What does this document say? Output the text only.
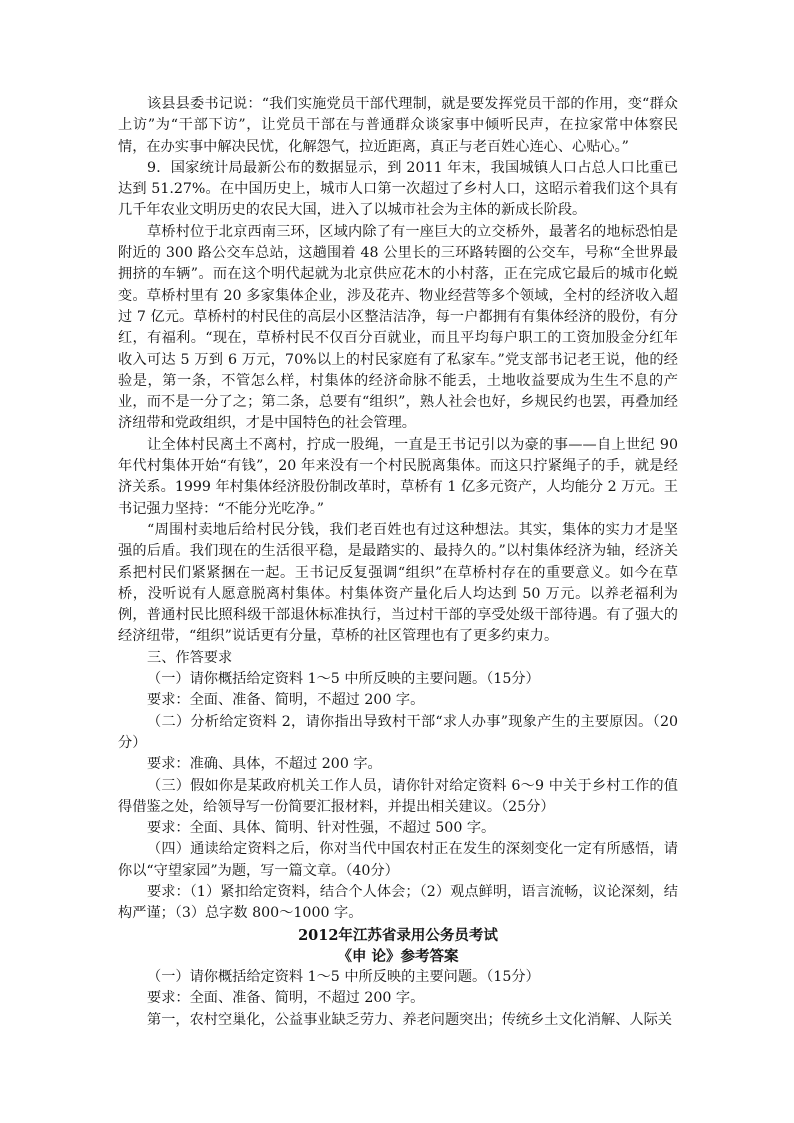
该县县委书记说：“我们实施党员干部代理制，就是要发挥党员干部的作用，变“群众上访”为“干部下访”，让党员干部在与普通群众谈家事中倾听民声，在拉家常中体察民情，在办实事中解决民忧，化解怨气，拉近距离，真正与老百姓心连心、心贴心。”

9．国家统计局最新公布的数据显示，到 2011 年末，我国城镇人口占总人口比重已达到 51.27%。在中国历史上，城市人口第一次超过了乡村人口，这昭示着我们这个具有几千年农业文明历史的农民大国，进入了以城市社会为主体的新成长阶段。

草桥村位于北京西南三环，区域内除了有一座巨大的立交桥外，最著名的地标恐怕是附近的 300 路公交车总站，这趟围着 48 公里长的三环路转圈的公交车，号称“全世界最拥挤的车辆”。而在这个明代起就为北京供应花木的小村落，正在完成它最后的城市化蜕变。草桥村里有 20 多家集体企业，涉及花卉、物业经营等多个领域，全村的经济收入超过 7 亿元。草桥村的村民住的高层小区整洁洁净，每一户都拥有有集体经济的股份，有分红，有福利。“现在，草桥村民不仅百分百就业，而且平均每户职工的工资加股金分红年收入可达 5 万到 6 万元，70%以上的村民家庭有了私家车。”党支部书记老王说，他的经验是，第一条，不管怎么样，村集体的经济命脉不能丢，土地收益要成为生生不息的产业，而不是一分了之；第二条，总要有“组织”，熟人社会也好，乡规民约也罢，再叠加经济纽带和党政组织，才是中国特色的社会管理。

让全体村民离土不离村，拧成一股绳，一直是王书记引以为豪的事——自上世纪 90 年代村集体开始“有钱”，20 年来没有一个村民脱离集体。而这只拧紧绳子的手，就是经济关系。1999 年村集体经济股份制改革时，草桥有 1 亿多元资产，人均能分 2 万元。王书记强力坚持：“不能分光吃净。”

“周围村卖地后给村民分钱，我们老百姓也有过这种想法。其实，集体的实力才是坚强的后盾。我们现在的生活很平稳，是最踏实的、最持久的。”以村集体经济为轴，经济关系把村民们紧紧捆在一起。王书记反复强调“组织”在草桥村存在的重要意义。如今在草桥，没听说有人愿意脱离村集体。村集体资产量化后人均达到 50 万元。以养老福利为例，普通村民比照科级干部退休标准执行，当过村干部的享受处级干部待遇。有了强大的经济纽带，“组织”说话更有分量，草桥的社区管理也有了更多约束力。

三、作答要求

（一）请你概括给定资料 1～5 中所反映的主要问题。（15分）

要求：全面、准备、简明，不超过 200 字。

（二）分析给定资料 2，请你指出导致村干部“求人办事”现象产生的主要原因。（20分）

要求：准确、具体，不超过 200 字。

（三）假如你是某政府机关工作人员，请你针对给定资料 6～9 中关于乡村工作的值得借鉴之处，给领导写一份简要汇报材料，并提出相关建议。（25分）

要求：全面、具体、简明、针对性强，不超过 500 字。

（四）通读给定资料之后，你对当代中国农村正在发生的深刻变化一定有所感悟，请你以“守望家园”为题，写一篇文章。（40分）

要求：（1）紧扣给定资料，结合个人体会；（2）观点鲜明，语言流畅，议论深刻，结构严谨；（3）总字数 800～1000 字。

2012年江苏省录用公务员考试

《申 论》参考答案

（一）请你概括给定资料 1～5 中所反映的主要问题。（15分）

要求：全面、准备、简明，不超过 200 字。

第一，农村空巢化，公益事业缺乏劳力、养老问题突出；传统乡土文化消解、人际关
